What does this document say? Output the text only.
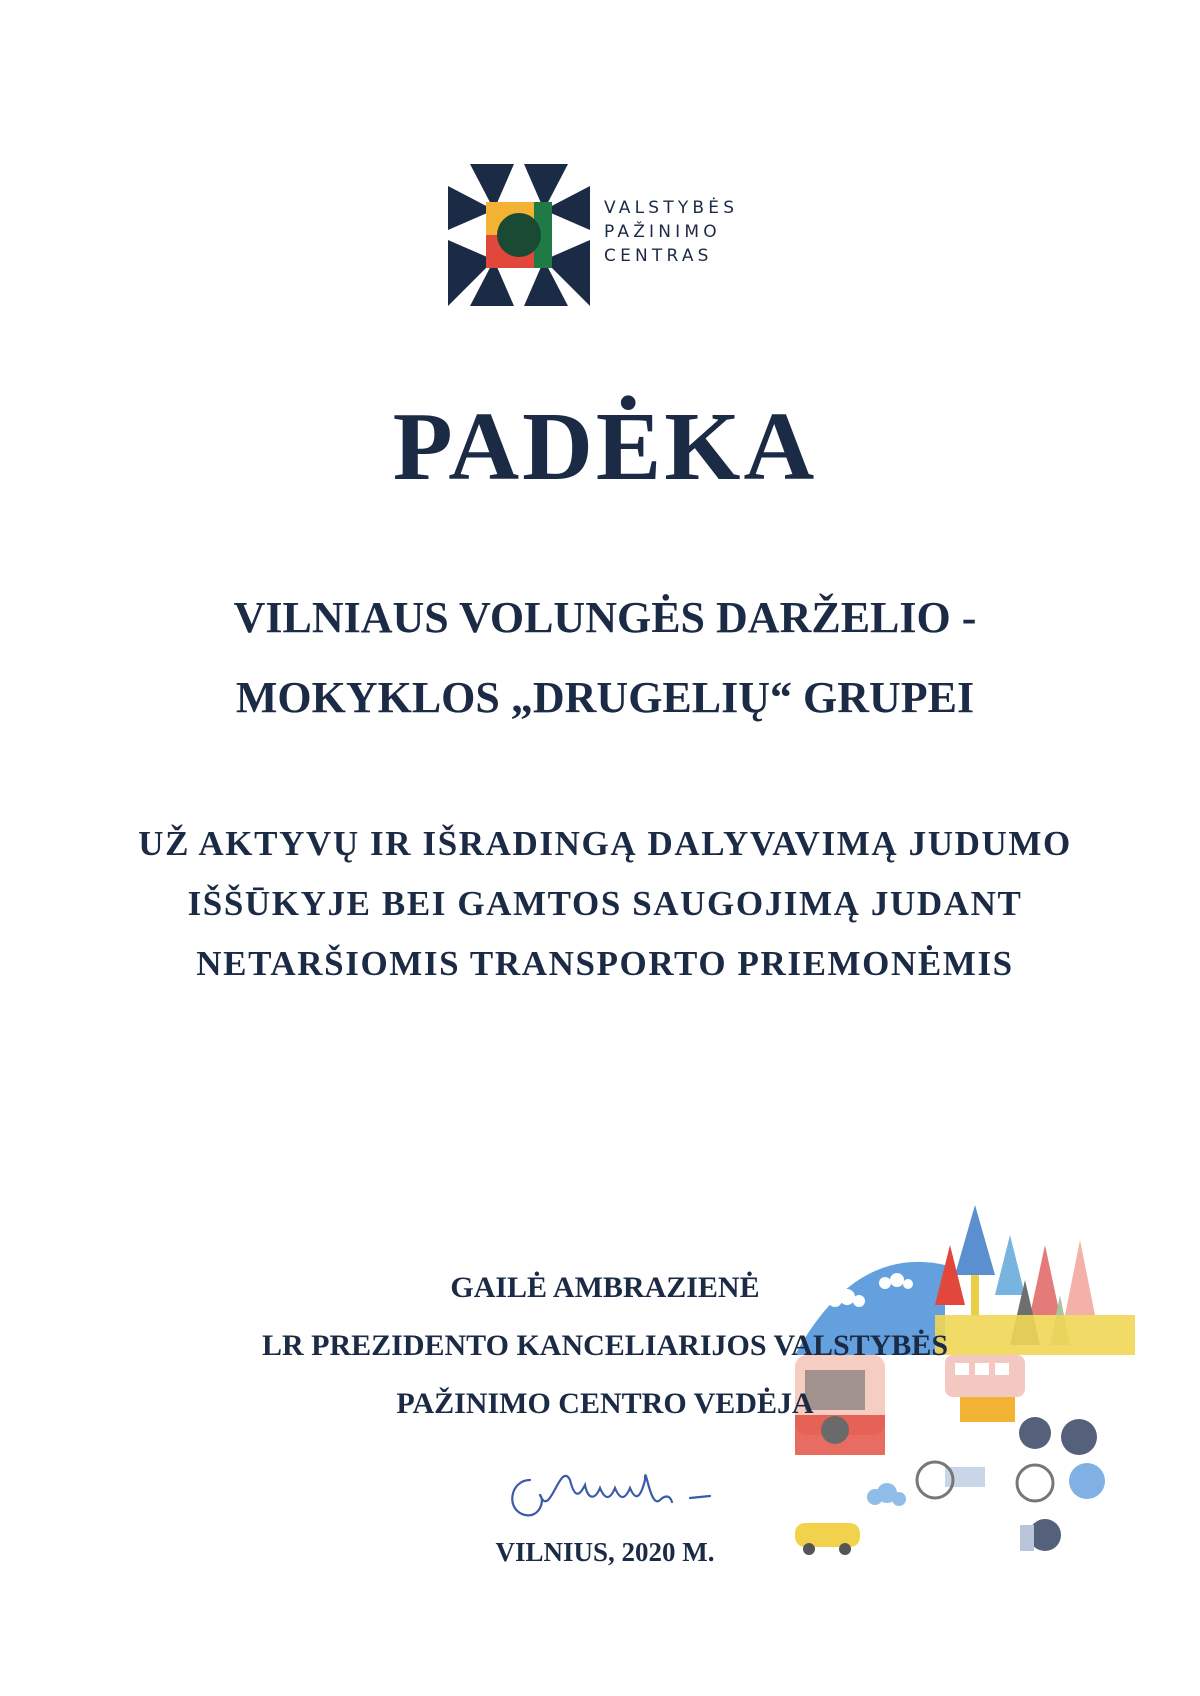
VALSTYBĖS
PAŽINIMO
CENTRAS
PADĖKA
VILNIAUS VOLUNGĖS DARŽELIO -
MOKYKLOS „DRUGELIŲ“ GRUPEI
UŽ AKTYVŲ IR IŠRADINGĄ DALYVAVIMĄ JUDUMO
IŠŠŪKYJE BEI GAMTOS SAUGOJIMĄ JUDANT
NETARŠIOMIS TRANSPORTO PRIEMONĖMIS
GAILĖ AMBRAZIENĖ
LR PREZIDENTO KANCELIARIJOS VALSTYBĖS
PAŽINIMO CENTRO VEDĖJA
VILNIUS, 2020 M.
